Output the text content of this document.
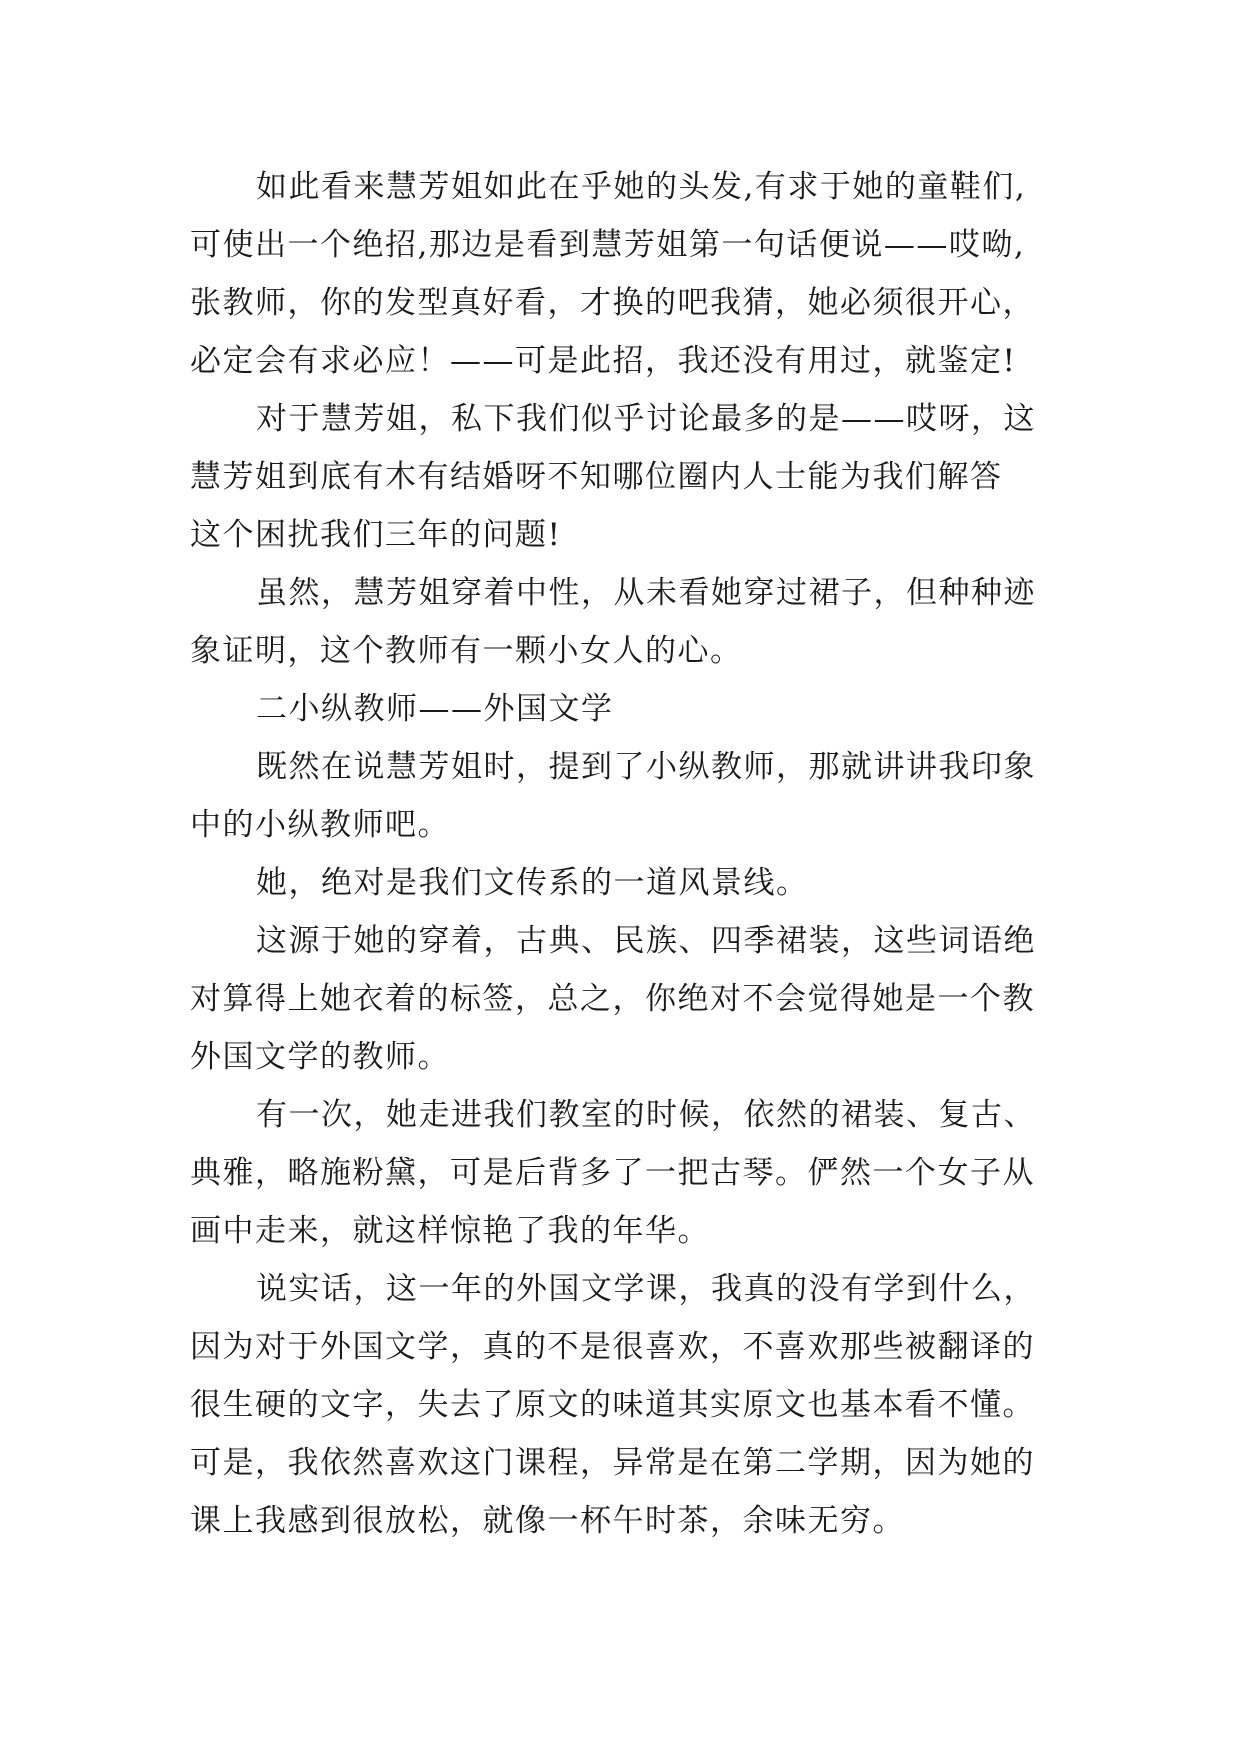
如此看来慧芳姐如此在乎她的头发,有求于她的童鞋们,
可使出一个绝招,那边是看到慧芳姐第一句话便说——哎呦,
张教师，你的发型真好看，才换的吧我猜，她必须很开心，
必定会有求必应！——可是此招，我还没有用过，就鉴定!
对于慧芳姐，私下我们似乎讨论最多的是——哎呀，这
慧芳姐到底有木有结婚呀不知哪位圈内人士能为我们解答
这个困扰我们三年的问题!
虽然，慧芳姐穿着中性，从未看她穿过裙子，但种种迹
象证明，这个教师有一颗小女人的心。
二小纵教师——外国文学
既然在说慧芳姐时，提到了小纵教师，那就讲讲我印象
中的小纵教师吧。
她，绝对是我们文传系的一道风景线。
这源于她的穿着，古典、民族、四季裙装，这些词语绝
对算得上她衣着的标签，总之，你绝对不会觉得她是一个教
外国文学的教师。
有一次，她走进我们教室的时候，依然的裙装、复古、
典雅，略施粉黛，可是后背多了一把古琴。俨然一个女子从
画中走来，就这样惊艳了我的年华。
说实话，这一年的外国文学课，我真的没有学到什么，
因为对于外国文学，真的不是很喜欢，不喜欢那些被翻译的
很生硬的文字，失去了原文的味道其实原文也基本看不懂。
可是，我依然喜欢这门课程，异常是在第二学期，因为她的
课上我感到很放松，就像一杯午时茶，余味无穷。
